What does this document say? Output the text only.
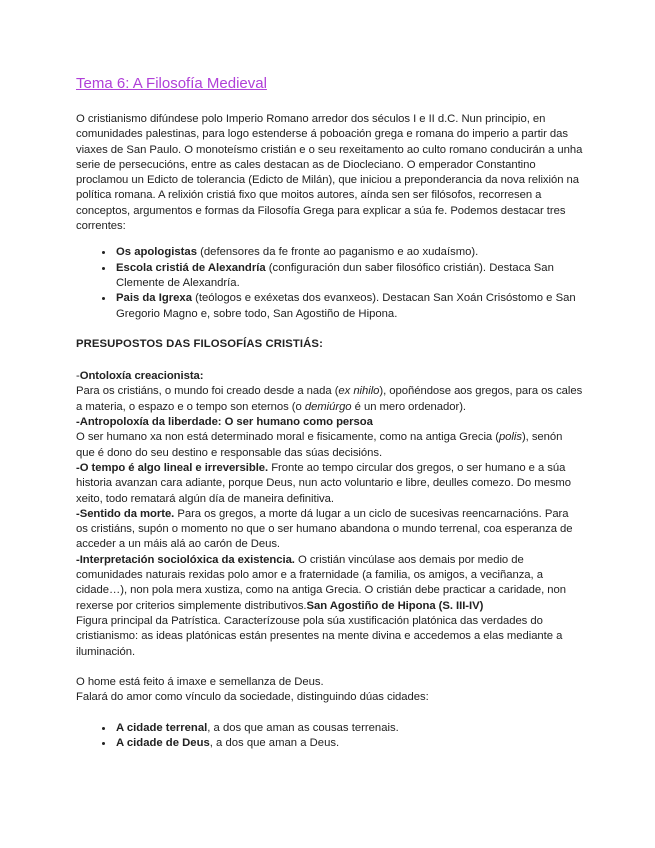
Tema 6: A Filosofía Medieval

O cristianismo difúndese polo Imperio Romano arredor dos séculos I e II d.C. Nun principio, en comunidades palestinas, para logo estenderse á poboación grega e romana do imperio a partir das viaxes de San Paulo. O monoteísmo cristián e o seu rexeitamento ao culto romano conducirán a unha serie de persecucións, entre as cales destacan as de Diocleciano. O emperador Constantino proclamou un Edicto de tolerancia (Edicto de Milán), que iniciou a preponderancia da nova relixión na política romana. A relixión cristiá fixo que moitos autores, aínda sen ser filósofos, recorresen a conceptos, argumentos e formas da Filosofía Grega para explicar a súa fe. Podemos destacar tres correntes:

• Os apologistas (defensores da fe fronte ao paganismo e ao xudaísmo).
• Escola cristiá de Alexandría (configuración dun saber filosófico cristián). Destaca San Clemente de Alexandría.
• Pais da Igrexa (teólogos e exéxetas dos evanxeos). Destacan San Xoán Crisóstomo e San Gregorio Magno e, sobre todo, San Agostiño de Hipona.
PRESUPOSTOS DAS FILOSOFÍAS CRISTIÁS:
-Ontoloxía creacionista:
Para os cristiáns, o mundo foi creado desde a nada (ex nihilo), opoñéndose aos gregos, para os cales a materia, o espazo e o tempo son eternos (o demiúrgo é un mero ordenador).
-Antropoloxía da liberdade: O ser humano como persoa
O ser humano xa non está determinado moral e fisicamente, como na antiga Grecia (polis), senón que é dono do seu destino e responsable das súas decisións.
-O tempo é algo lineal e irreversible. Fronte ao tempo circular dos gregos, o ser humano e a súa historia avanzan cara adiante, porque Deus, nun acto voluntario e libre, deulles comezo. Do mesmo xeito, todo rematará algún día de maneira definitiva.
-Sentido da morte. Para os gregos, a morte dá lugar a un ciclo de sucesivas reencarnacións. Para os cristiáns, supón o momento no que o ser humano abandona o mundo terrenal, coa esperanza de acceder a un máis alá ao carón de Deus.
-Interpretación sociolóxica da existencia. O cristián vincúlase aos demais por medio de comunidades naturais rexidas polo amor e a fraternidade (a familia, os amigos, a veciñanza, a cidade…), non pola mera xustiza, como na antiga Grecia. O cristián debe practicar a caridade, non rexerse por criterios simplemente distributivos.San Agostiño de Hipona (S. III-IV)
Figura principal da Patrística. Caracterízouse pola súa xustificación platónica das verdades do cristianismo: as ideas platónicas están presentes na mente divina e accedemos a elas mediante a iluminación.

O home está feito á imaxe e semellanza de Deus.

Falará do amor como vínculo da sociedade, distinguindo dúas cidades:

• A cidade terrenal, a dos que aman as cousas terrenais.
• A cidade de Deus, a dos que aman a Deus.
